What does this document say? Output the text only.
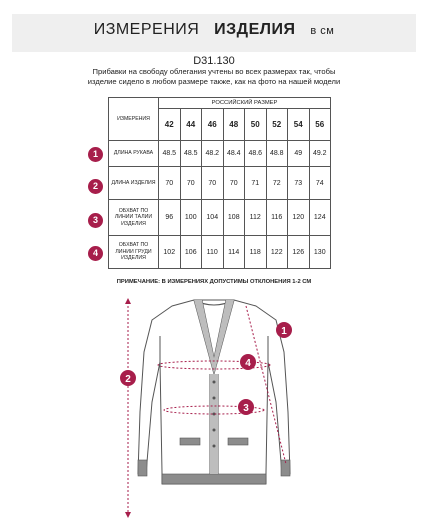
ИЗМЕРЕНИЯ ИЗДЕЛИЯ в см
D31.130
Прибавки на свободу облегания учтены во всех размерах так, чтобы изделие сидело в любом размере также, как на фото на нашей модели
ИЗМЕРЕНИЯ	РОССИЙСКИЙ РАЗМЕР							
	42	44	46	48	50	52	54	56
ДЛИНА РУКАВА	48.5	48.5	48.2	48.4	48.6	48.8	49	49.2
ДЛИНА ИЗДЕЛИЯ	70	70	70	70	71	72	73	74
ОБХВАТ ПО ЛИНИИ ТАЛИИ ИЗДЕЛИЯ	96	100	104	108	112	116	120	124
ОБХВАТ ПО ЛИНИИ ГРУДИ ИЗДЕЛИЯ	102	106	110	114	118	122	126	130
1
2
3
4
ПРИМЕЧАНИЕ: В ИЗМЕРЕНИЯХ ДОПУСТИМЫ ОТКЛОНЕНИЯ 1-2 СМ
2
4
3
1
